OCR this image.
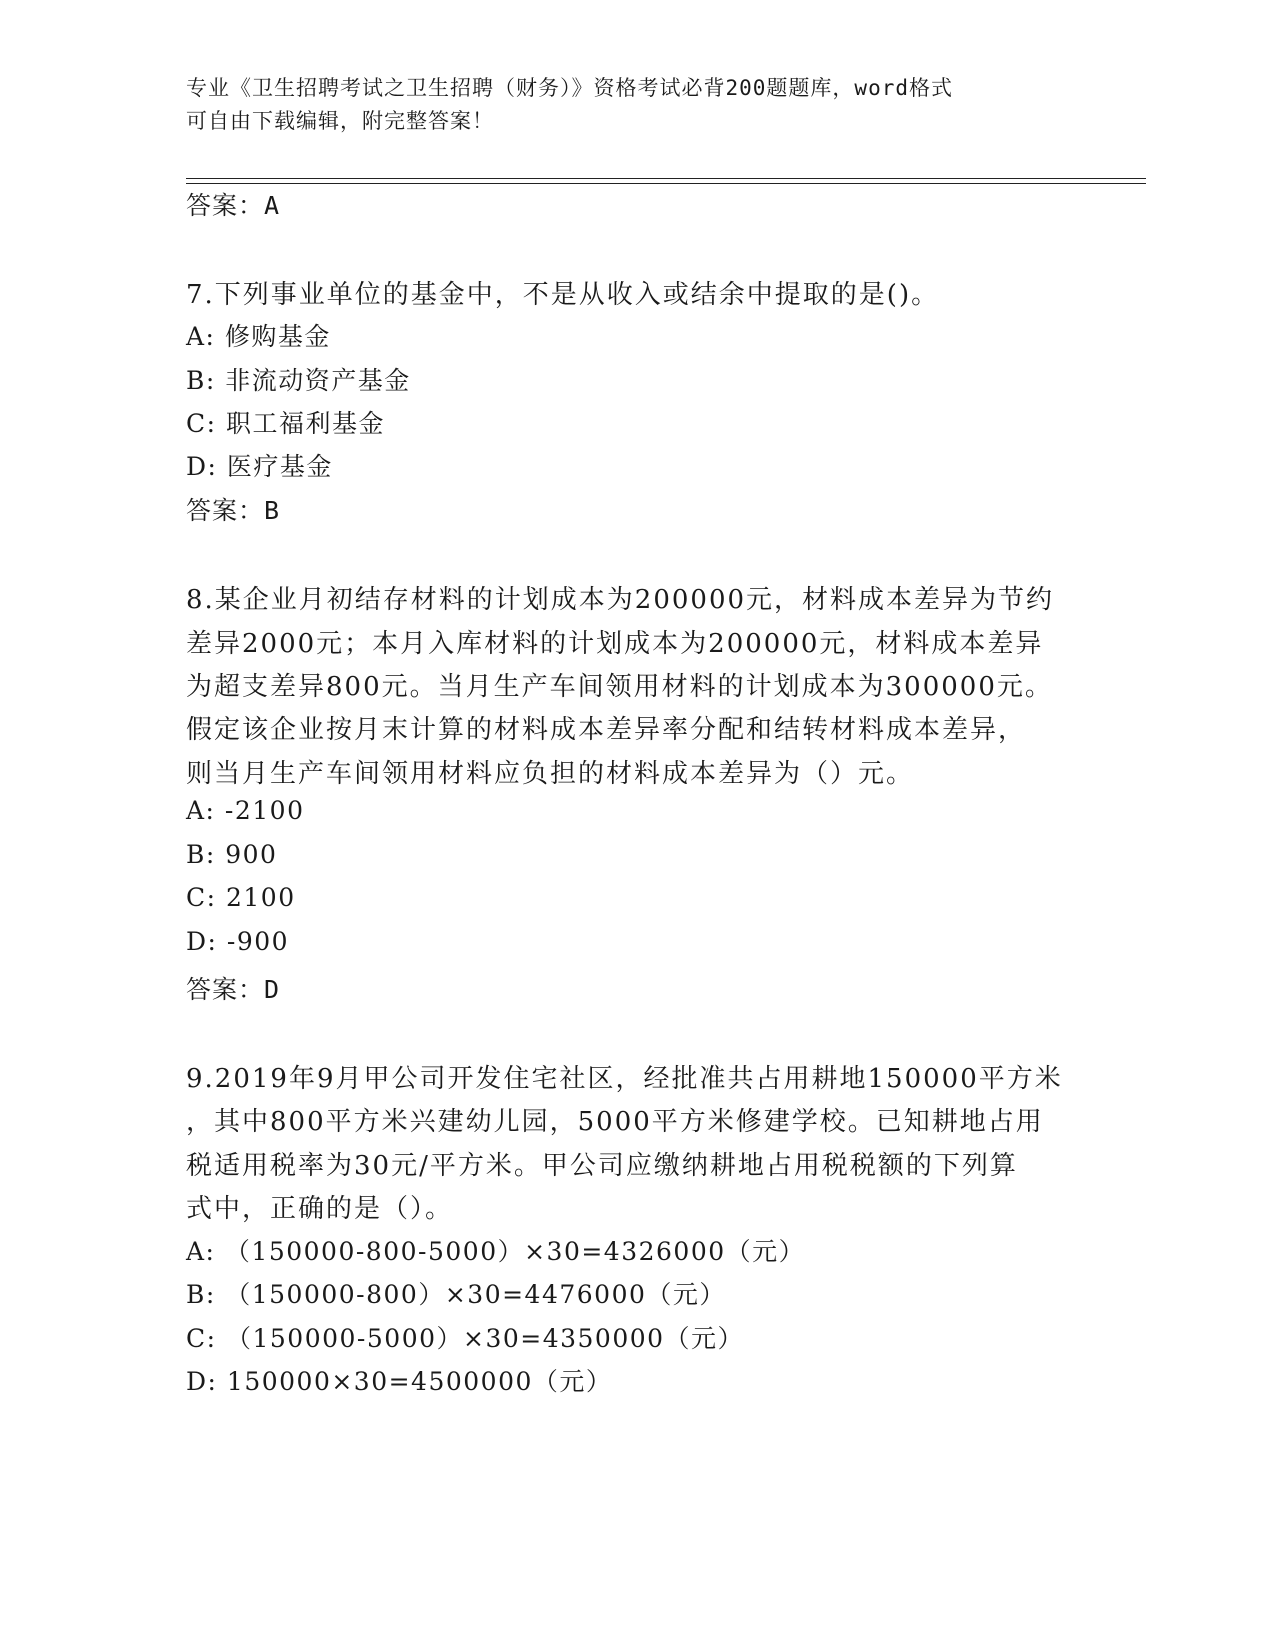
专业《卫生招聘考试之卫生招聘（财务）》资格考试必背200题题库，word格式
可自由下载编辑，附完整答案！
答案：A
7.下列事业单位的基金中，不是从收入或结余中提取的是()。
A: 修购基金
B: 非流动资产基金
C: 职工福利基金
D: 医疗基金
答案：B
8.某企业月初结存材料的计划成本为200000元，材料成本差异为节约
差异2000元；本月入库材料的计划成本为200000元，材料成本差异
为超支差异800元。当月生产车间领用材料的计划成本为300000元。
假定该企业按月末计算的材料成本差异率分配和结转材料成本差异，
则当月生产车间领用材料应负担的材料成本差异为（）元。
A: -2100
B: 900
C: 2100
D: -900
答案：D
9.2019年9月甲公司开发住宅社区，经批准共占用耕地150000平方米
，其中800平方米兴建幼儿园，5000平方米修建学校。已知耕地占用
税适用税率为30元/平方米。甲公司应缴纳耕地占用税税额的下列算
式中，正确的是（）。
A: （150000-800-5000）×30=4326000（元）
B: （150000-800）×30=4476000（元）
C: （150000-5000）×30=4350000（元）
D: 150000×30=4500000（元）
